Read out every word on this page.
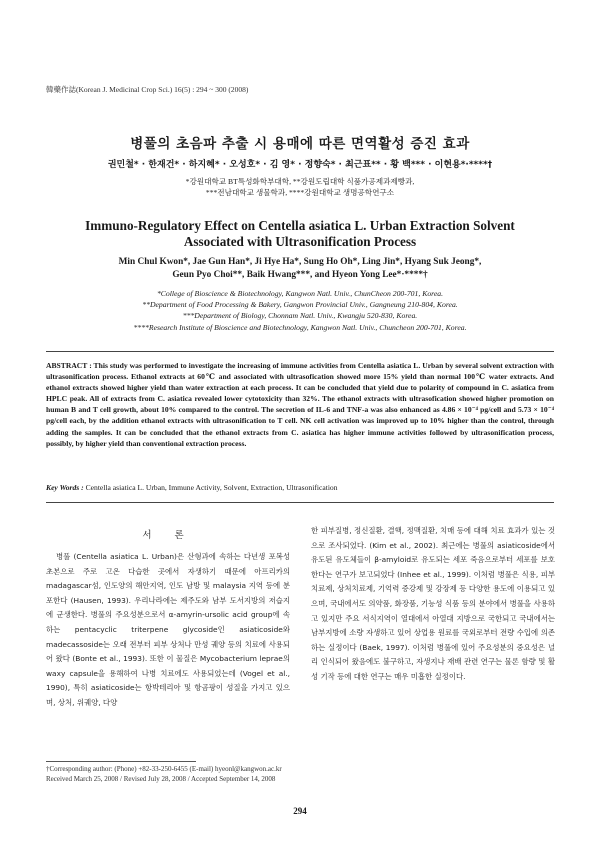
韓藥作誌(Korean J. Medicinal Crop Sci.) 16(5) : 294 ~ 300 (2008)
병풀의 초음파 추출 시 용매에 따른 면역활성 증진 효과
권민철* · 한재건* · 하지혜* · 오성호* · 김 영* · 정향숙* · 최근표** · 황 백*** · 이현용*·****†
*강원대학교 BT특성화학부대학, **강원도립대학 식품가공제과제빵과,
***전남대학교 생물학과, ****강원대학교 생명공학연구소
Immuno-Regulatory Effect on Centella asiatica L. Urban Extraction Solvent
Associated with Ultrasonification Process
Min Chul Kwon*, Jae Gun Han*, Ji Hye Ha*, Sung Ho Oh*, Ling Jin*, Hyang Suk Jeong*,
Geun Pyo Choi**, Baik Hwang***, and Hyeon Yong Lee*·****†
*College of Bioscience & Biotechnology, Kangwon Natl. Univ., ChunCheon 200-701, Korea.
**Department of Food Processing & Bakery, Gangwon Provincial Univ., Gangneung 210-804, Korea.
***Department of Biology, Chonnam Natl. Univ., Kwangju 520-830, Korea.
****Research Institute of Bioscience and Biotechnology, Kangwon Natl. Univ., Chuncheon 200-701, Korea.
ABSTRACT : This study was performed to investigate the increasing of immune activities from Centella asiatica L. Urban by several solvent extraction with ultrasonification process. Ethanol extracts at 60℃ and associated with ultrasofication showed more 15% yield than normal 100℃ water extracts. And ethanol extracts showed higher yield than water extraction at each process. It can be concluded that yield due to polarity of compound in C. asiatica from HPLC peak. All of extracts from C. asiatica revealed lower cytotoxicity than 32%. The ethanol extracts with ultrasofication showed higher promotion on human B and T cell growth, about 10% compared to the control. The secretion of IL-6 and TNF-a was also enhanced as 4.86 × 10⁻⁴ pg/cell and 5.73 × 10⁻⁴ pg/cell each, by the addition ethanol extracts with ultrasonification to T cell. NK cell activation was improved up to 10% higher than the control, through adding the samples. It can be concluded that the ethanol extracts from C. asiatica has higher immune activities followed by ultrasonification process, possibly, by higher yield than conventional extraction process.
Key Words : Centella asiatica L. Urban, Immune Activity, Solvent, Extraction, Ultrasonification
서 론
병풀 (Centella asiatica L. Urban)은 산형과에 속하는 다년생 포복성 초본으로 주로 고온 다습한 곳에서 자생하기 때문에 아프리카의 madagascar섬, 인도양의 해안지역, 인도 남방 및 malaysia 지역 등에 분포한다 (Hausen, 1993). 우리나라에는 제주도와 남부 도서지방의 저습지에 군생한다. 병풀의 주요성분으로서 α-amyrin-ursolic acid group에 속하는 pentacyclic triterpene glycoside인 asiaticoside와 madecassoside는 오래 전부터 피부 상처나 만성 궤양 등의 치료에 사용되어 왔다 (Bonte et al., 1993). 또한 이 물질은 Mycobacterium leprae의 waxy capsule을 용해하여 나병 치료에도 사용되었는데 (Vogel et al., 1990), 특히 asiaticoside는 항박테리아 및 항곰팡이 성질을 가지고 있으며, 상처, 위궤양, 다양
한 피부질병, 정신질환, 결핵, 정맥질환, 치매 등에 대해 치료 효과가 있는 것으로 조사되었다. (Kim et al., 2002). 최근에는 병풀의 asiaticoside에서 유도된 유도체들이 β-amyloid로 유도되는 세포 죽음으로부터 세포를 보호한다는 연구가 보고되었다 (Inhee et al., 1999). 이처럼 병풀은 식용, 피부치료제, 상처치료제, 기억력 증강제 및 강장제 등 다양한 용도에 이용되고 있으며, 국내에서도 의약품, 화장품, 기능성 식품 등의 분야에서 병풀을 사용하고 있지만 주요 서식지역이 열대에서 아열대 지방으로 국한되고 국내에서는 남부지방에 소량 자생하고 있어 상업용 원료를 국외로부터 전량 수입에 의존하는 실정이다 (Baek, 1997). 이처럼 병풀에 있어 주요성분의 중요성은 널리 인식되어 왔음에도 불구하고, 자생지나 재배 관련 연구는 물론 함량 및 활성 기작 등에 대한 연구는 매우 미흡한 실정이다.
†Corresponding author: (Phone) +82-33-250-6455 (E-mail) hyeonl@kangwon.ac.kr
Received March 25, 2008 / Revised July 28, 2008 / Accepted September 14, 2008
294
